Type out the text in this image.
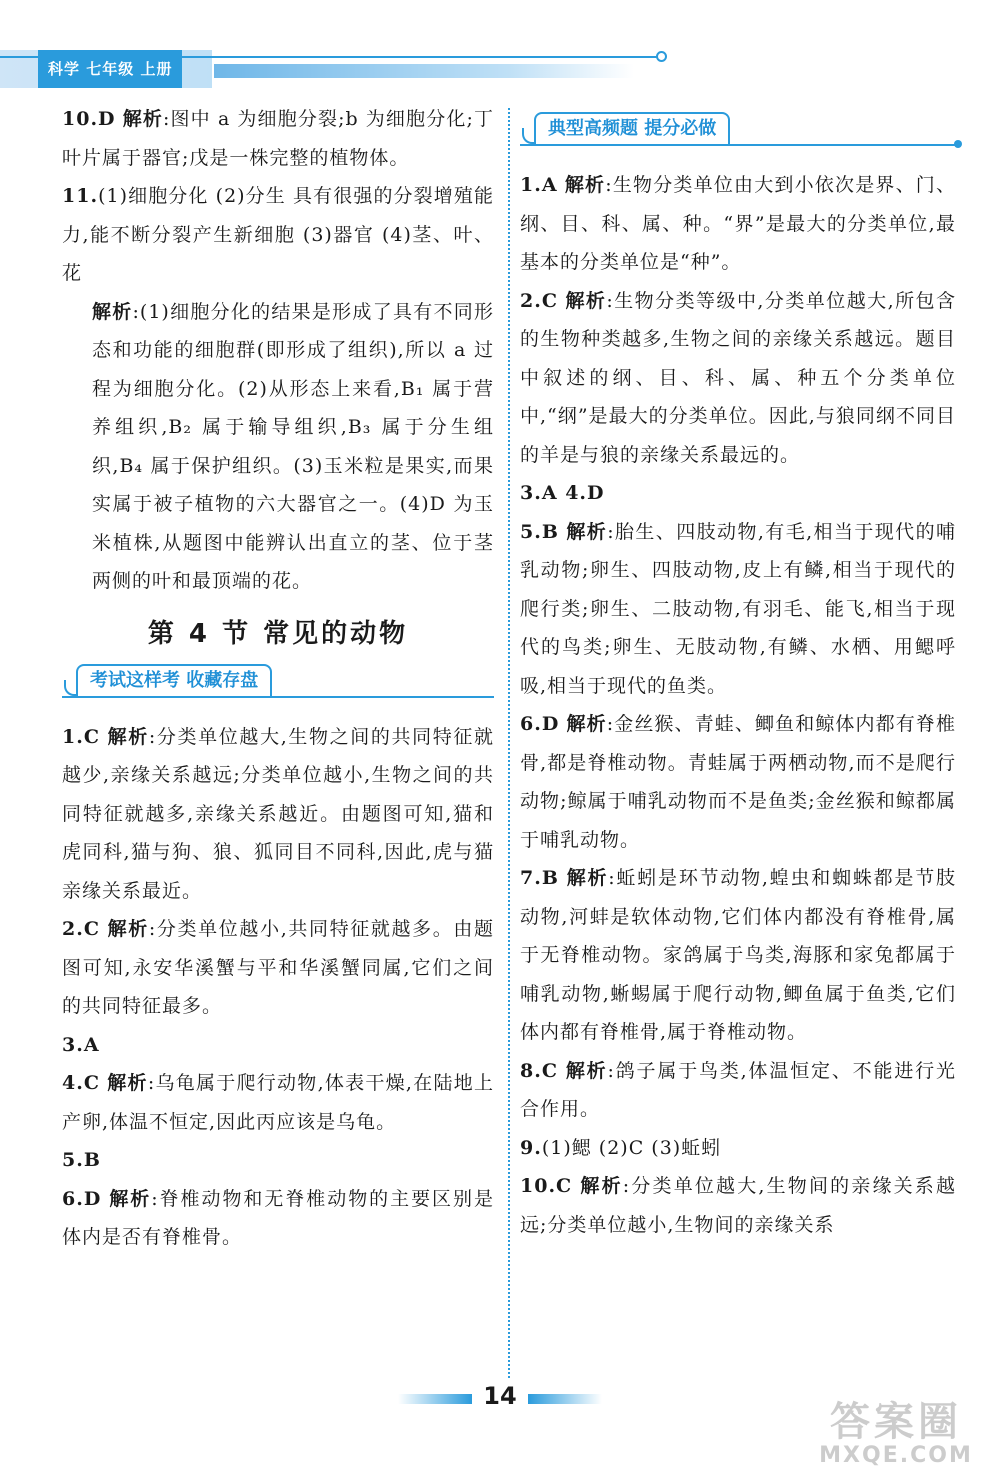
科学 七年级 上册
10.D 解析:图中 a 为细胞分裂;b 为细胞分化;丁叶片属于器官;戊是一株完整的植物体。
11.(1)细胞分化 (2)分生 具有很强的分裂增殖能力,能不断分裂产生新细胞 (3)器官 (4)茎、叶、花
解析:(1)细胞分化的结果是形成了具有不同形态和功能的细胞群(即形成了组织),所以 a 过程为细胞分化。(2)从形态上来看,B₁ 属于营养组织,B₂ 属于输导组织,B₃ 属于分生组织,B₄ 属于保护组织。(3)玉米粒是果实,而果实属于被子植物的六大器官之一。(4)D 为玉米植株,从题图中能辨认出直立的茎、位于茎两侧的叶和最顶端的花。
第 4 节 常见的动物
考试这样考 收藏存盘
1.C 解析:分类单位越大,生物之间的共同特征就越少,亲缘关系越远;分类单位越小,生物之间的共同特征就越多,亲缘关系越近。由题图可知,猫和虎同科,猫与狗、狼、狐同目不同科,因此,虎与猫亲缘关系最近。
2.C 解析:分类单位越小,共同特征就越多。由题图可知,永安华溪蟹与平和华溪蟹同属,它们之间的共同特征最多。
3.A
4.C 解析:乌龟属于爬行动物,体表干燥,在陆地上产卵,体温不恒定,因此丙应该是乌龟。
5.B
6.D 解析:脊椎动物和无脊椎动物的主要区别是体内是否有脊椎骨。
典型高频题 提分必做
1.A 解析:生物分类单位由大到小依次是界、门、纲、目、科、属、种。“界”是最大的分类单位,最基本的分类单位是“种”。
2.C 解析:生物分类等级中,分类单位越大,所包含的生物种类越多,生物之间的亲缘关系越远。题目中叙述的纲、目、科、属、种五个分类单位中,“纲”是最大的分类单位。因此,与狼同纲不同目的羊是与狼的亲缘关系最远的。
3.A 4.D
5.B 解析:胎生、四肢动物,有毛,相当于现代的哺乳动物;卵生、四肢动物,皮上有鳞,相当于现代的爬行类;卵生、二肢动物,有羽毛、能飞,相当于现代的鸟类;卵生、无肢动物,有鳞、水栖、用鳃呼吸,相当于现代的鱼类。
6.D 解析:金丝猴、青蛙、鲫鱼和鲸体内都有脊椎骨,都是脊椎动物。青蛙属于两栖动物,而不是爬行动物;鲸属于哺乳动物而不是鱼类;金丝猴和鲸都属于哺乳动物。
7.B 解析:蚯蚓是环节动物,蝗虫和蜘蛛都是节肢动物,河蚌是软体动物,它们体内都没有脊椎骨,属于无脊椎动物。家鸽属于鸟类,海豚和家兔都属于哺乳动物,蜥蜴属于爬行动物,鲫鱼属于鱼类,它们体内都有脊椎骨,属于脊椎动物。
8.C 解析:鸽子属于鸟类,体温恒定、不能进行光合作用。
9.(1)鳃 (2)C (3)蚯蚓
10.C 解析:分类单位越大,生物间的亲缘关系越远;分类单位越小,生物间的亲缘关系
14
答案圈
MXQE.COM
